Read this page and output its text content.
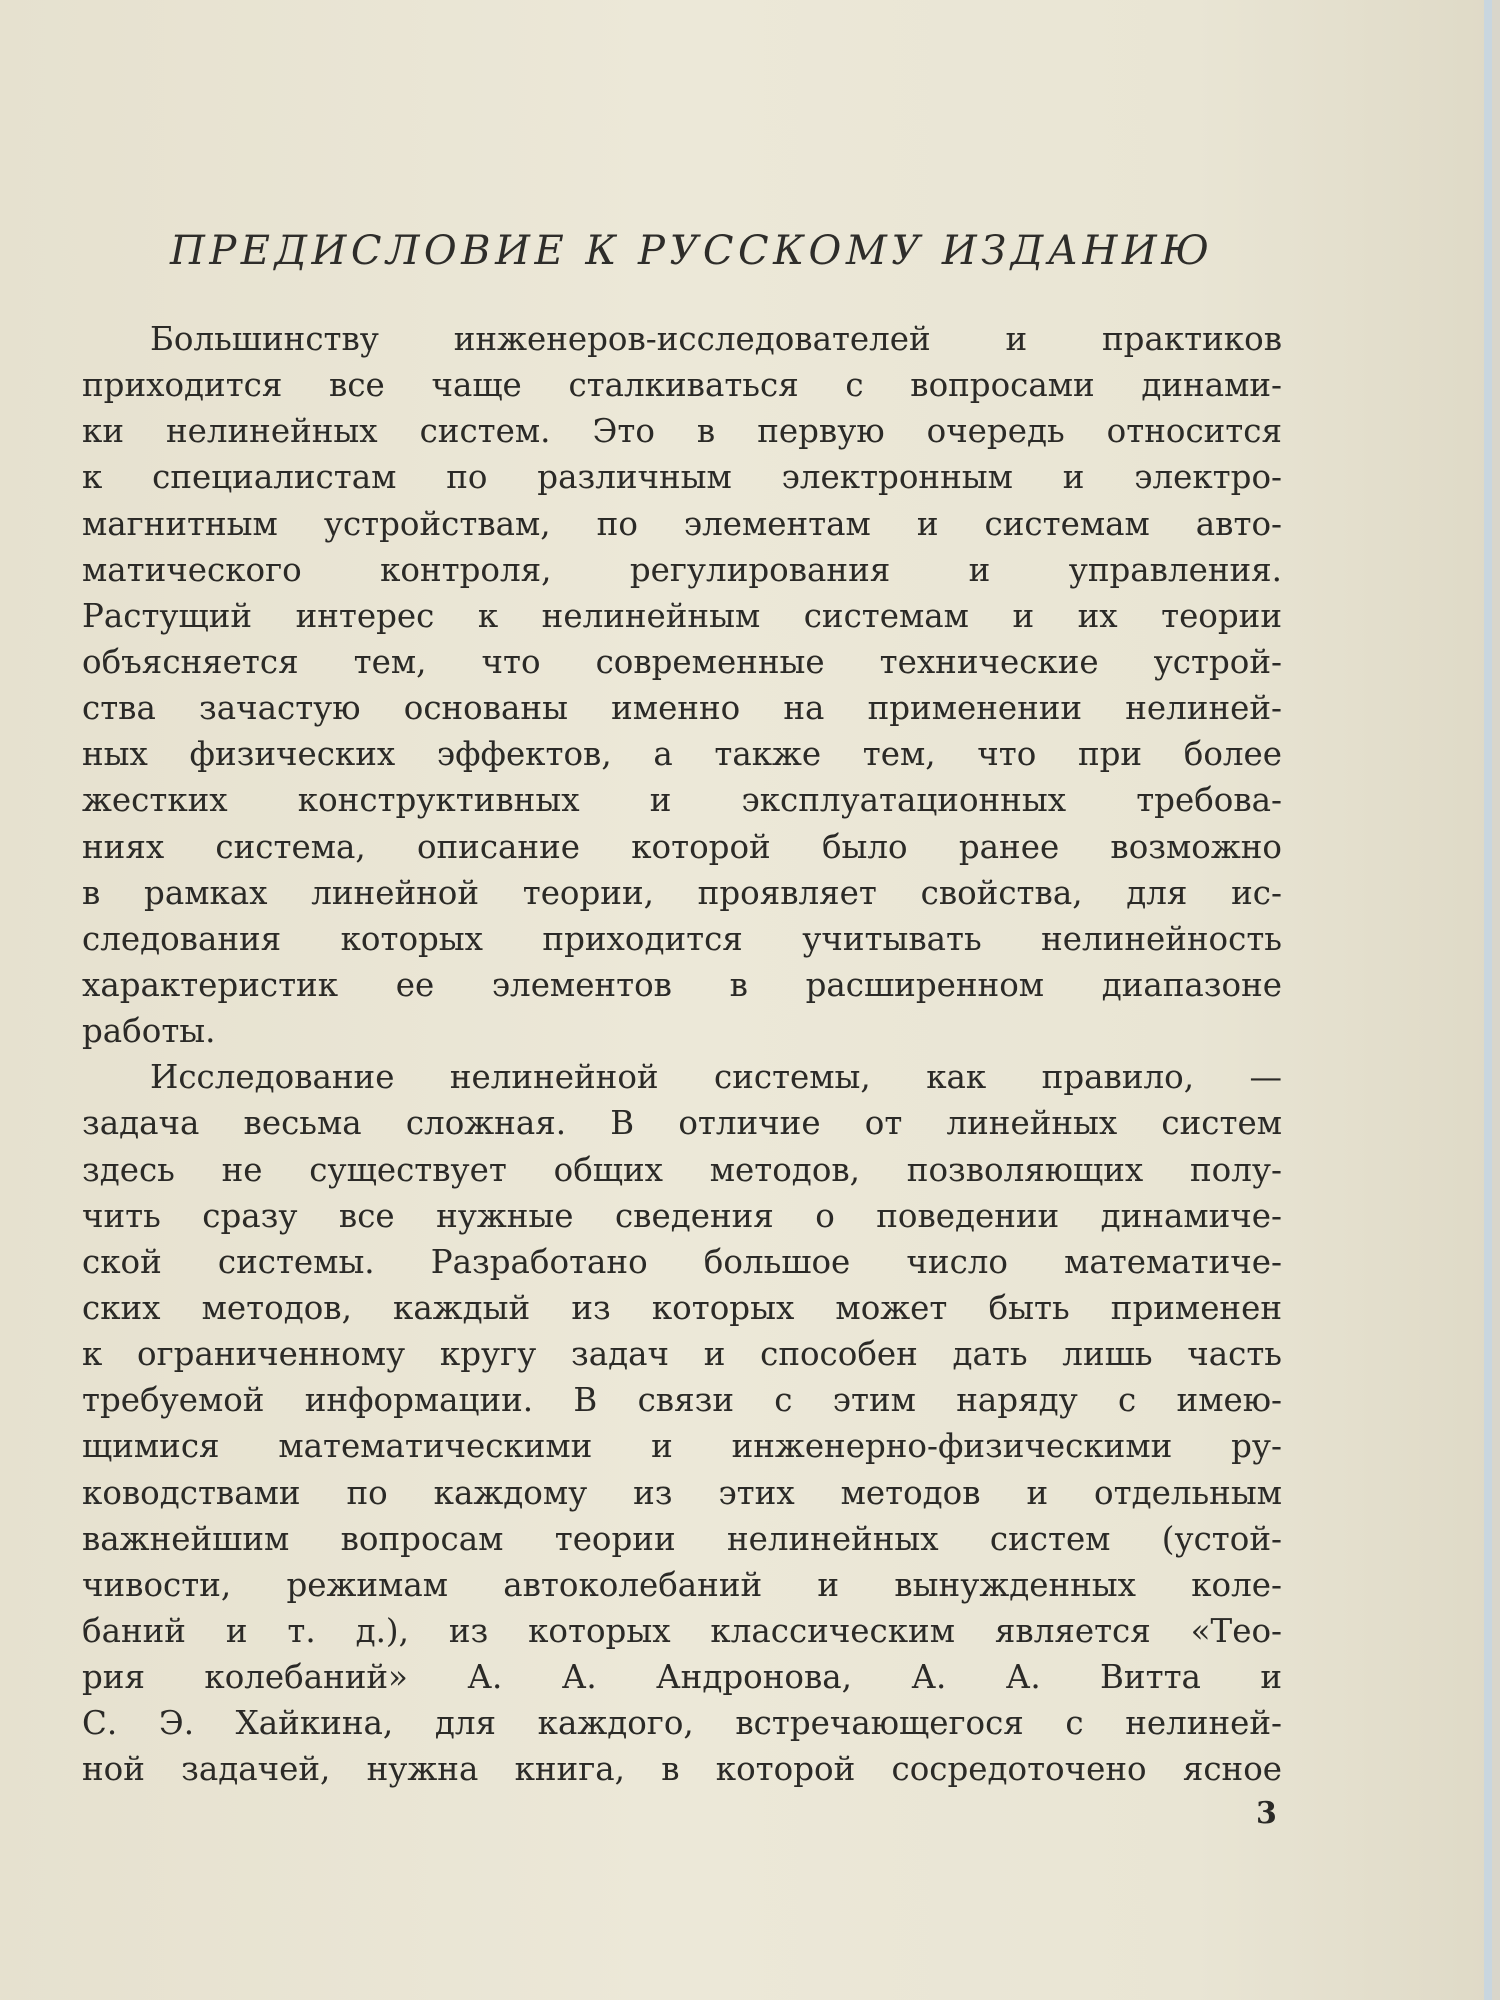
ПРЕДИСЛОВИЕ К РУССКОМУ ИЗДАНИЮ

Большинству инженеров-исследователей и практиков
приходится все чаще сталкиваться с вопросами динами-
ки нелинейных систем. Это в первую очередь относится
к специалистам по различным электронным и электро-
магнитным устройствам, по элементам и системам авто-
матического контроля, регулирования и управления.
Растущий интерес к нелинейным системам и их теории
объясняется тем, что современные технические устрой-
ства зачастую основаны именно на применении нелиней-
ных физических эффектов, а также тем, что при более
жестких конструктивных и эксплуатационных требова-
ниях система, описание которой было ранее возможно
в рамках линейной теории, проявляет свойства, для ис-
следования которых приходится учитывать нелинейность
характеристик ее элементов в расширенном диапазоне
работы.

Исследование нелинейной системы, как правило, —
задача весьма сложная. В отличие от линейных систем
здесь не существует общих методов, позволяющих полу-
чить сразу все нужные сведения о поведении динамиче-
ской системы. Разработано большое число математиче-
ских методов, каждый из которых может быть применен
к ограниченному кругу задач и способен дать лишь часть
требуемой информации. В связи с этим наряду с имею-
щимися математическими и инженерно-физическими ру-
ководствами по каждому из этих методов и отдельным
важнейшим вопросам теории нелинейных систем (устой-
чивости, режимам автоколебаний и вынужденных коле-
баний и т. д.), из которых классическим является «Тео-
рия колебаний» А. А. Андронова, А. А. Витта и
С. Э. Хайкина, для каждого, встречающегося с нелиней-
ной задачей, нужна книга, в которой сосредоточено ясное

3
